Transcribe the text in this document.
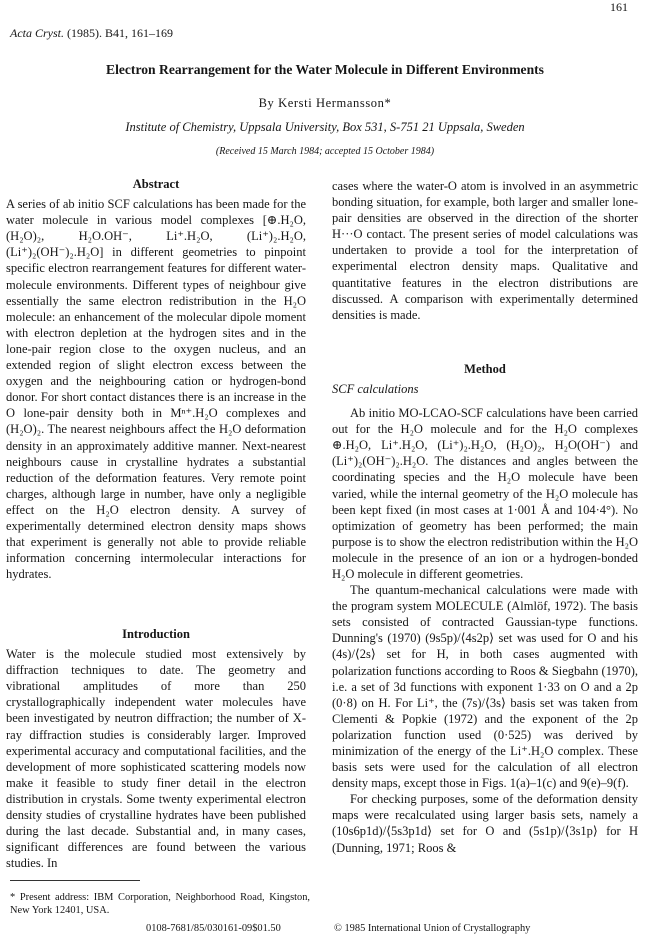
161
Acta Cryst. (1985). B41, 161–169
Electron Rearrangement for the Water Molecule in Different Environments
By Kersti Hermansson*
Institute of Chemistry, Uppsala University, Box 531, S-751 21 Uppsala, Sweden
(Received 15 March 1984; accepted 15 October 1984)
Abstract
A series of ab initio SCF calculations has been made for the water molecule in various model complexes [⊕.H₂O, (H₂O)₂, H₂O.OH⁻, Li⁺.H₂O, (Li⁺)₂.H₂O, (Li⁺)₂(OH⁻)₂.H₂O] in different geometries to pinpoint specific electron rearrangement features for different water-molecule environments. Different types of neighbour give essentially the same electron redistribution in the H₂O molecule: an enhancement of the molecular dipole moment with electron depletion at the hydrogen sites and in the lone-pair region close to the oxygen nucleus, and an extended region of slight electron excess between the oxygen and the neighbouring cation or hydrogen-bond donor. For short contact distances there is an increase in the O lone-pair density both in Mⁿ⁺.H₂O complexes and (H₂O)₂. The nearest neighbours affect the H₂O deformation density in an approximately additive manner. Next-nearest neighbours cause in crystalline hydrates a substantial reduction of the deformation features. Very remote point charges, although large in number, have only a negligible effect on the H₂O electron density. A survey of experimentally determined electron density maps shows that experiment is generally not able to provide reliable information concerning intermolecular interactions for hydrates.
Introduction
Water is the molecule studied most extensively by diffraction techniques to date. The geometry and vibrational amplitudes of more than 250 crystallographically independent water molecules have been investigated by neutron diffraction; the number of X-ray diffraction studies is considerably larger. Improved experimental accuracy and computational facilities, and the development of more sophisticated scattering models now make it feasible to study finer detail in the electron distribution in crystals. Some twenty experimental electron density studies of crystalline hydrates have been published during the last decade. Substantial and, in many cases, significant differences are found between the various studies. In
cases where the water-O atom is involved in an asymmetric bonding situation, for example, both larger and smaller lone-pair densities are observed in the direction of the shorter H···O contact. The present series of model calculations was undertaken to provide a tool for the interpretation of experimental electron density maps. Qualitative and quantitative features in the electron distributions are discussed. A comparison with experimentally determined densities is made.
Method
SCF calculations
Ab initio MO-LCAO-SCF calculations have been carried out for the H₂O molecule and for the H₂O complexes ⊕.H₂O, Li⁺.H₂O, (Li⁺)₂.H₂O, (H₂O)₂, H₂O(OH⁻) and (Li⁺)₂(OH⁻)₂.H₂O. The distances and angles between the coordinating species and the H₂O molecule have been varied, while the internal geometry of the H₂O molecule has been kept fixed (in most cases at 1·001 Å and 104·4°). No optimization of geometry has been performed; the main purpose is to show the electron redistribution within the H₂O molecule in the presence of an ion or a hydrogen-bonded H₂O molecule in different geometries.
The quantum-mechanical calculations were made with the program system MOLECULE (Almlöf, 1972). The basis sets consisted of contracted Gaussian-type functions. Dunning's (1970) (9s5p)/⟨4s2p⟩ set was used for O and his (4s)/⟨2s⟩ set for H, in both cases augmented with polarization functions according to Roos & Siegbahn (1970), i.e. a set of 3d functions with exponent 1·33 on O and a 2p (0·8) on H. For Li⁺, the (7s)/⟨3s⟩ basis set was taken from Clementi & Popkie (1972) and the exponent of the 2p polarization function used (0·525) was derived by minimization of the energy of the Li⁺.H₂O complex. These basis sets were used for the calculation of all electron density maps, except those in Figs. 1(a)–1(c) and 9(e)–9(f).
For checking purposes, some of the deformation density maps were recalculated using larger basis sets, namely a (10s6p1d)/⟨5s3p1d⟩ set for O and (5s1p)/⟨3s1p⟩ for H (Dunning, 1971; Roos &
* Present address: IBM Corporation, Neighborhood Road, Kingston, New York 12401, USA.
0108-7681/85/030161-09$01.50	© 1985 International Union of Crystallography
